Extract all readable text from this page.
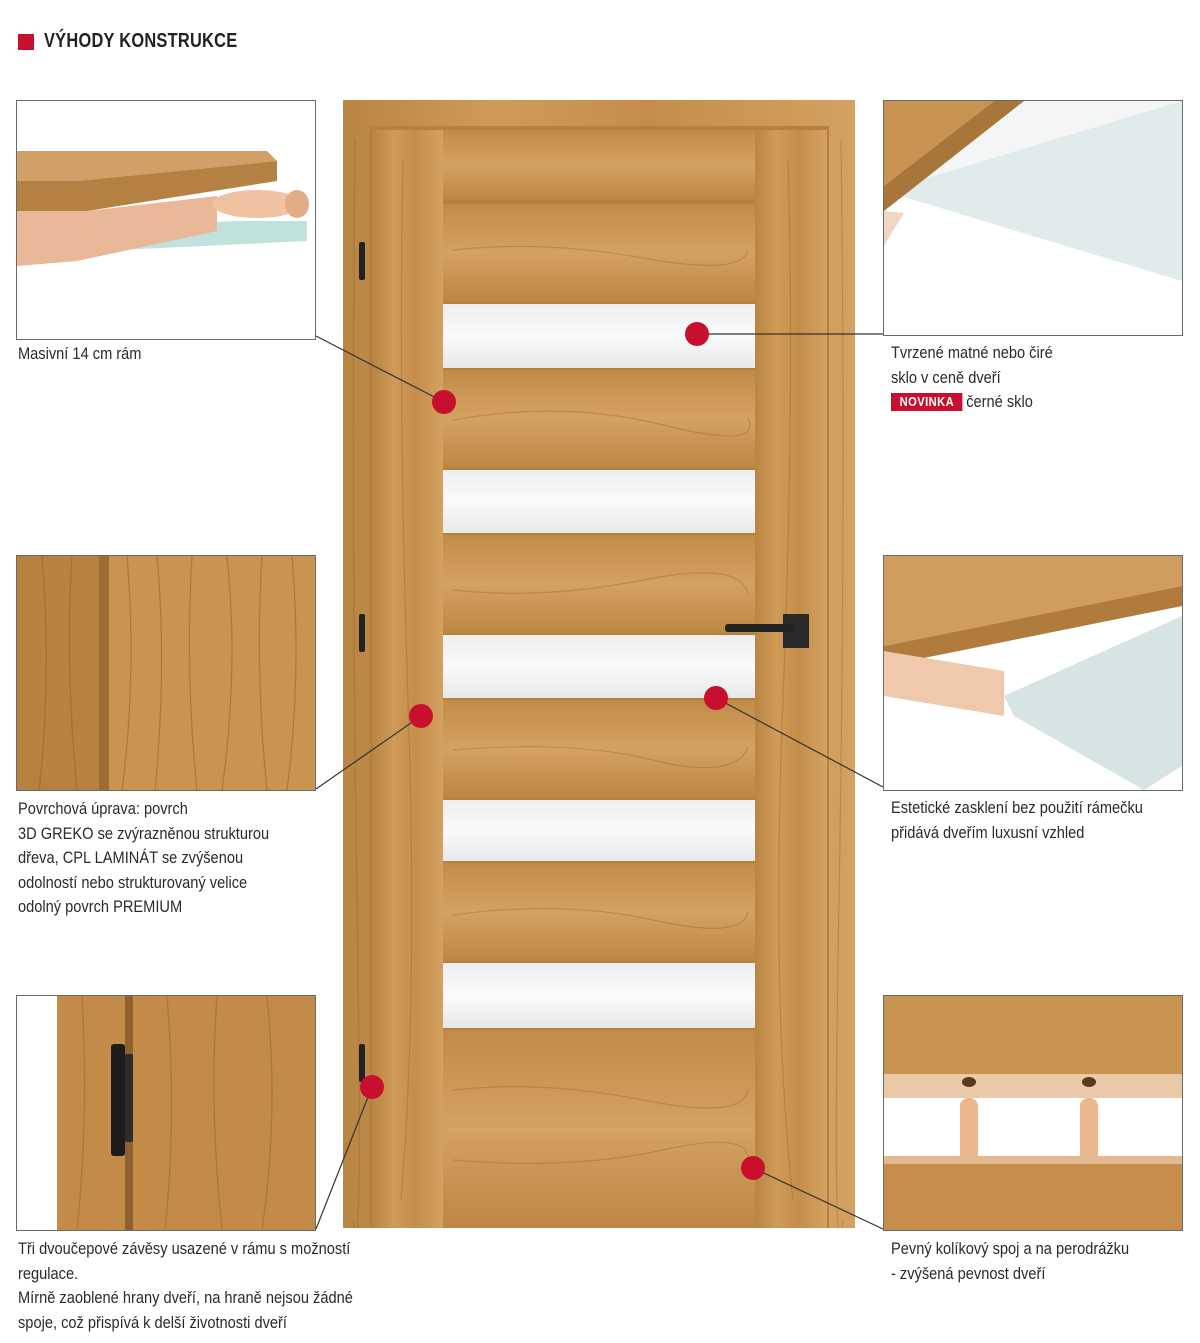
VÝHODY KONSTRUKCE
Masivní 14 cm rám	Tvrzené matné nebo čiré
sklo v ceně dveří
NOVINKA černé sklo
Povrchová úprava: povrch
3D GREKO se zvýrazněnou strukturou
dřeva, CPL LAMINÁT se zvýšenou
odolností nebo strukturovaný velice
odolný povrch PREMIUM
Estetické zasklení bez použití rámečku
přidává dveřím luxusní vzhled
Tři dvoučepové závěsy usazené v rámu s možností
regulace.
Mírně zaoblené hrany dveří, na hraně nejsou žádné
spoje, což přispívá k delší životnosti dveří
Pevný kolíkový spoj a na perodrážku
- zvýšená pevnost dveří
